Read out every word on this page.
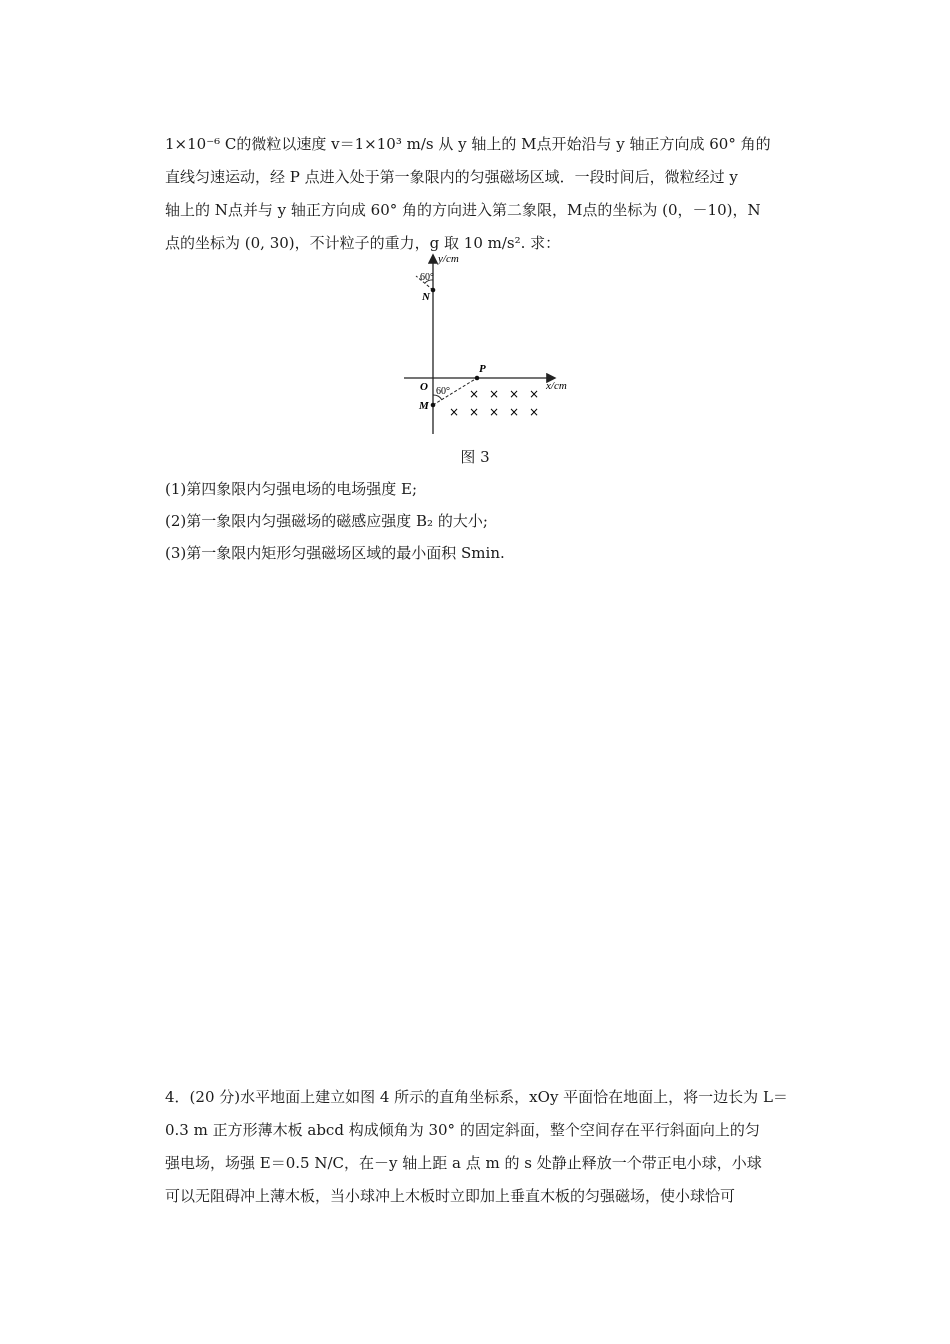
1×10⁻⁶ C的微粒以速度 v＝1×10³ m/s 从 y 轴上的 M点开始沿与 y 轴正方向成 60° 角的
直线匀速运动，经 P 点进入处于第一象限内的匀强磁场区域．一段时间后，微粒经过 y
轴上的 N点并与 y 轴正方向成 60° 角的方向进入第二象限，M点的坐标为 (0，－10)，N
点的坐标为 (0, 30)，不计粒子的重力，g 取 10 m/s². 求：
y/cm
x/cm
O
60°
N
P
M
60° × × × ×
× × × × ×
图 3
(1)第四象限内匀强电场的电场强度 E;
(2)第一象限内匀强磁场的磁感应强度 B₂ 的大小;
(3)第一象限内矩形匀强磁场区域的最小面积 Smin.
4．(20 分)水平地面上建立如图 4 所示的直角坐标系，xOy 平面恰在地面上，将一边长为 L＝
0.3 m 正方形薄木板 abcd 构成倾角为 30° 的固定斜面，整个空间存在平行斜面向上的匀
强电场，场强 E＝0.5 N/C，在－y 轴上距 a 点 m 的 s 处静止释放一个带正电小球，小球
可以无阻碍冲上薄木板，当小球冲上木板时立即加上垂直木板的匀强磁场，使小球恰可
